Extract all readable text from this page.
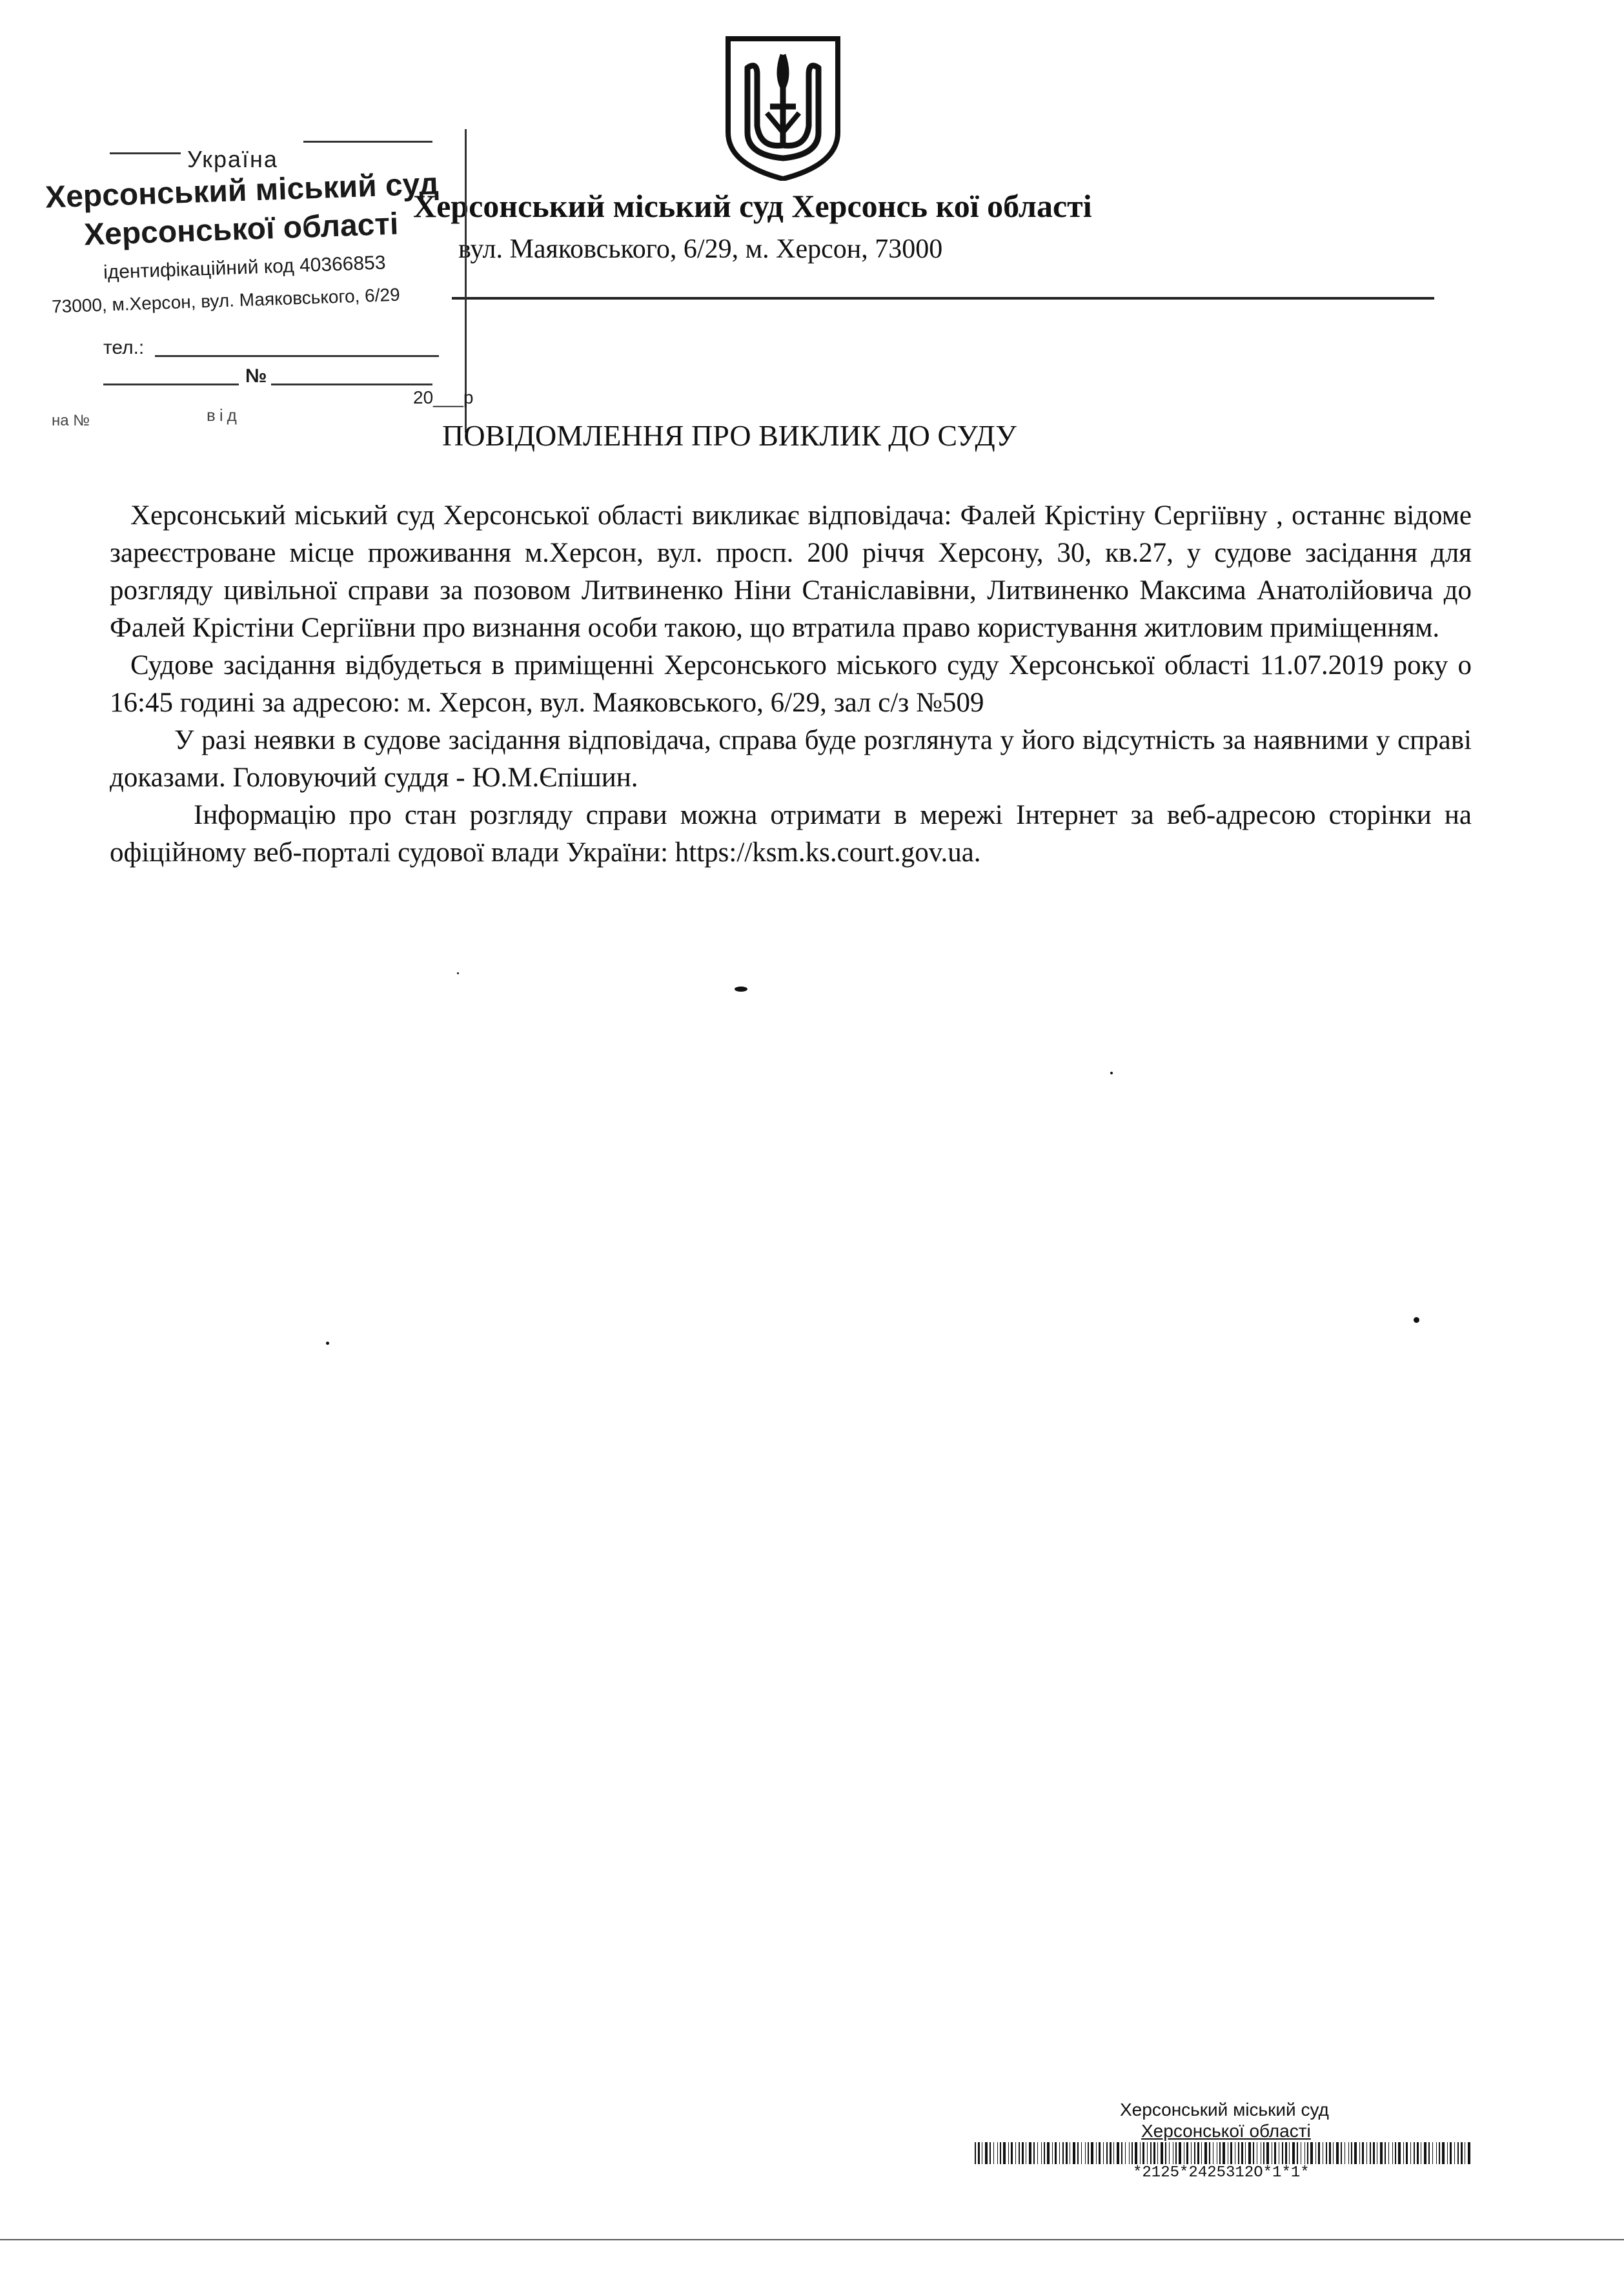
Херсонський міський суд Херсонсь кої області
вул. Маяковського, 6/29, м. Херсон, 73000
Україна
Херсонський міський суд
Херсонської області
ідентифікаційний код 40366853
73000, м.Херсон, вул. Маяковського, 6/29
тел.:
№
20___р
на №	від
ПОВІДОМЛЕННЯ ПРО ВИКЛИК ДО СУДУ

Херсонський міський суд Херсонської області викликає відповідача: Фалей Крістіну Сергіївну , останнє відоме зареєстроване місце проживання м.Херсон, вул. просп. 200 річчя Херсону, 30, кв.27, у судове засідання для розгляду цивільної справи за позовом Литвиненко Ніни Станіславівни, Литвиненко Максима Анатолійовича до Фалей Крістіни Сергіївни про визнання особи такою, що втратила право користування житловим приміщенням.

Судове засідання відбудеться в приміщенні Херсонського міського суду Херсонської області 11.07.2019 року о 16:45 годині за адресою: м. Херсон, вул. Маяковського, 6/29, зал с/з №509

У разі неявки в судове засідання відповідача, справа буде розглянута у його відсутність за наявними у справі доказами. Головуючий суддя - Ю.М.Єпішин.

Інформацію про стан розгляду справи можна отримати в мережі Інтернет за веб-адресою сторінки на офіційному веб-порталі судової влади України: https://ksm.ks.court.gov.ua.

Херсонський міський суд
Херсонської області
*2125*2425312О*1*1*
